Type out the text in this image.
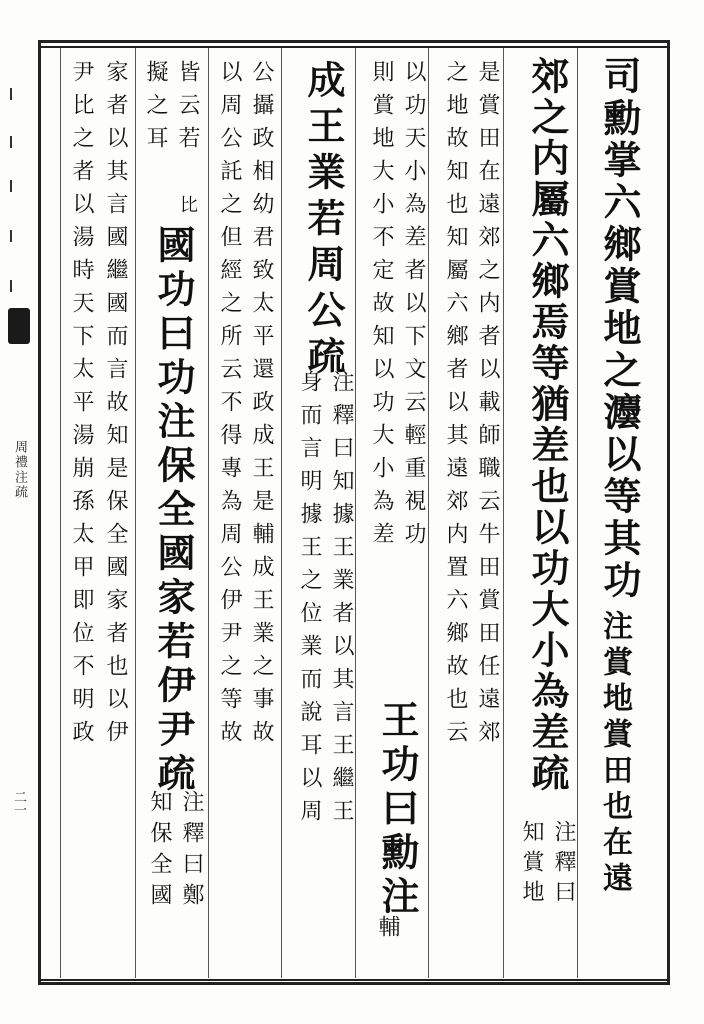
周禮注疏
二一
司勳掌六鄉賞地之灋以等其功
注賞地賞田也在遠
郊之内屬六鄉焉等猶差也以功大小為差疏
注釋曰
知賞地
是賞田在遠郊之内者以載師職云牛田賞田任遠郊
之地故知也知屬六鄉者以其遠郊内置六鄉故也云
以功天小為差者以下文云輕重視功
則賞地大小不定故知以功大小為差
王功曰勳注
輔
成王業若周公疏
注釋曰知據王業者以其言王繼王
身而言明據王之位業而說耳以周
公攝政相幼君致太平還政成王是輔成王業之事故
以周公託之但經之所云不得專為周公伊尹之等故
皆云若 比
擬之耳
國功曰功注保全國家若伊尹疏
注釋曰鄭
知保全國
家者以其言國繼國而言故知是保全國家者也以伊
尹比之者以湯時天下太平湯崩孫太甲即位不明政
